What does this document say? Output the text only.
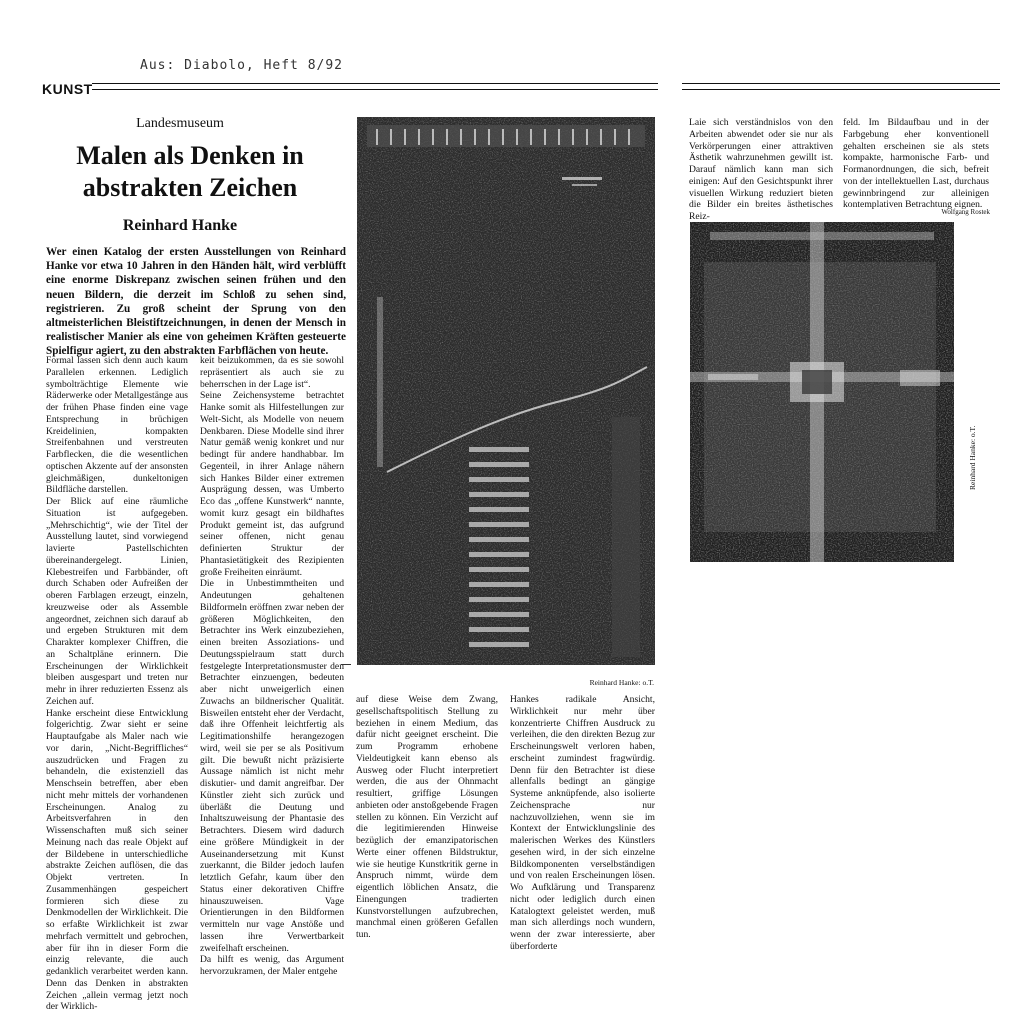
Aus: Diabolo, Heft 8/92
KUNST
Landesmuseum
Malen als Denken in abstrakten Zeichen
Reinhard Hanke
Wer einen Katalog der ersten Ausstellungen von Reinhard Hanke vor etwa 10 Jahren in den Händen hält, wird verblüfft eine enorme Diskrepanz zwischen seinen frühen und den neuen Bildern, die derzeit im Schloß zu sehen sind, registrieren. Zu groß scheint der Sprung von den altmeisterlichen Bleistiftzeichnungen, in denen der Mensch in realistischer Manier als eine von geheimen Kräften gesteuerte Spielfigur agiert, zu den abstrakten Farbflächen von heute.

Formal lassen sich denn auch kaum Parallelen erkennen. Lediglich symbolträchtige Elemente wie Räderwerke oder Metallgestänge aus der frühen Phase finden eine vage Entsprechung in brüchigen Kreidelinien, kompakten Streifenbahnen und verstreuten Farbflecken, die die wesentlichen optischen Akzente auf der ansonsten gleichmäßigen, dunkeltonigen Bildfläche darstellen.

Der Blick auf eine räumliche Situation ist aufgegeben. „Mehrschichtig“, wie der Titel der Ausstellung lautet, sind vorwiegend lavierte Pastellschichten übereinandergelegt. Linien, Klebestreifen und Farbbänder, oft durch Schaben oder Aufreißen der oberen Farblagen erzeugt, einzeln, kreuzweise oder als Assemble angeordnet, zeichnen sich darauf ab und ergeben Strukturen mit dem Charakter komplexer Chiffren, die an Schaltpläne erinnern. Die Erscheinungen der Wirklichkeit bleiben ausgespart und treten nur mehr in ihrer reduzierten Essenz als Zeichen auf.

Hanke erscheint diese Entwicklung folgerichtig. Zwar sieht er seine Hauptaufgabe als Maler nach wie vor darin, „Nicht-Begriffliches“ auszudrücken und Fragen zu behandeln, die existenziell das Menschsein betreffen, aber eben nicht mehr mittels der vorhandenen Erscheinungen. Analog zu Arbeitsverfahren in den Wissenschaften muß sich seiner Meinung nach das reale Objekt auf der Bildebene in unterschiedliche abstrakte Zeichen auflösen, die das Objekt vertreten. In Zusammenhängen gespeichert formieren sich diese zu Denkmodellen der Wirklichkeit. Die so erfaßte Wirklichkeit ist zwar mehrfach vermittelt und gebrochen, aber für ihn in dieser Form die einzig relevante, die auch gedanklich verarbeitet werden kann. Denn das Denken in abstrakten Zeichen „allein vermag jetzt noch der Wirklich-

keit beizukommen, da es sie sowohl repräsentiert als auch sie zu beherrschen in der Lage ist“.

Seine Zeichensysteme betrachtet Hanke somit als Hilfestellungen zur Welt-Sicht, als Modelle von neuem Denkbaren. Diese Modelle sind ihrer Natur gemäß wenig konkret und nur bedingt für andere handhabbar. Im Gegenteil, in ihrer Anlage nähern sich Hankes Bilder einer extremen Ausprägung dessen, was Umberto Eco das „offene Kunstwerk“ nannte, womit kurz gesagt ein bildhaftes Produkt gemeint ist, das aufgrund seiner offenen, nicht genau definierten Struktur der Phantasietätigkeit des Rezipienten große Freiheiten einräumt.

Die in Unbestimmtheiten und Andeutungen gehaltenen Bildformeln eröffnen zwar neben der größeren Möglichkeiten, den Betrachter ins Werk einzubeziehen, einen breiten Assoziations- und Deutungsspielraum statt durch festgelegte Interpretationsmuster den Betrachter einzuengen, bedeuten aber nicht unweigerlich einen Zuwachs an bildnerischer Qualität. Bisweilen entsteht eher der Verdacht, daß ihre Offenheit leichtfertig als Legitimationshilfe herangezogen wird, weil sie per se als Positivum gilt. Die bewußt nicht präzisierte Aussage nämlich ist nicht mehr diskutier- und damit angreifbar. Der Künstler zieht sich zurück und überläßt die Deutung und Inhaltszuweisung der Phantasie des Betrachters. Diesem wird dadurch eine größere Mündigkeit in der Auseinandersetzung mit Kunst zuerkannt, die Bilder jedoch laufen letztlich Gefahr, kaum über den Status einer dekorativen Chiffre hinauszuweisen. Vage Orientierungen in den Bildformen vermitteln nur vage Anstöße und lassen ihre Verwertbarkeit zweifelhaft erscheinen.

Da hilft es wenig, das Argument hervorzukramen, der Maler entgehe

auf diese Weise dem Zwang, gesellschaftspolitisch Stellung zu beziehen in einem Medium, das dafür nicht geeignet erscheint. Die zum Programm erhobene Vieldeutigkeit kann ebenso als Ausweg oder Flucht interpretiert werden, die aus der Ohnmacht resultiert, griffige Lösungen anbieten oder anstoßgebende Fragen stellen zu können. Ein Verzicht auf die legitimierenden Hinweise bezüglich der emanzipatorischen Werte einer offenen Bildstruktur, wie sie heutige Kunstkritik gerne in Anspruch nimmt, würde dem eigentlich löblichen Ansatz, die Einengungen tradierten Kunstvorstellungen aufzubrechen, manchmal einen größeren Gefallen tun.

Hankes radikale Ansicht, Wirklichkeit nur mehr über konzentrierte Chiffren Ausdruck zu verleihen, die den direkten Bezug zur Erscheinungswelt verloren haben, erscheint zumindest fragwürdig. Denn für den Betrachter ist diese allenfalls bedingt an gängige Systeme anknüpfende, also isolierte Zeichensprache nur nachzuvollziehen, wenn sie im Kontext der Entwicklungslinie des malerischen Werkes des Künstlers gesehen wird, in der sich einzelne Bildkomponenten verselbständigen und von realen Erscheinungen lösen. Wo Aufklärung und Transparenz nicht oder lediglich durch einen Katalogtext geleistet werden, muß man sich allerdings noch wundern, wenn der zwar interessierte, aber überforderte

Laie sich verständnislos von den Arbeiten abwendet oder sie nur als Verkörperungen einer attraktiven Ästhetik wahrzunehmen gewillt ist. Darauf nämlich kann man sich einigen: Auf den Gesichtspunkt ihrer visuellen Wirkung reduziert bieten die Bilder ein breites ästhetisches Reiz-

feld. Im Bildaufbau und in der Farbgebung eher konventionell gehalten erscheinen sie als stets kompakte, harmonische Farb- und Formanordnungen, die sich, befreit von der intellektuellen Last, durchaus gewinnbringend zur alleinigen kontemplativen Betrachtung eignen.

Wolfgang Rostek
Reinhard Hanke: o.T.
Reinhard Hanke: o.T.
